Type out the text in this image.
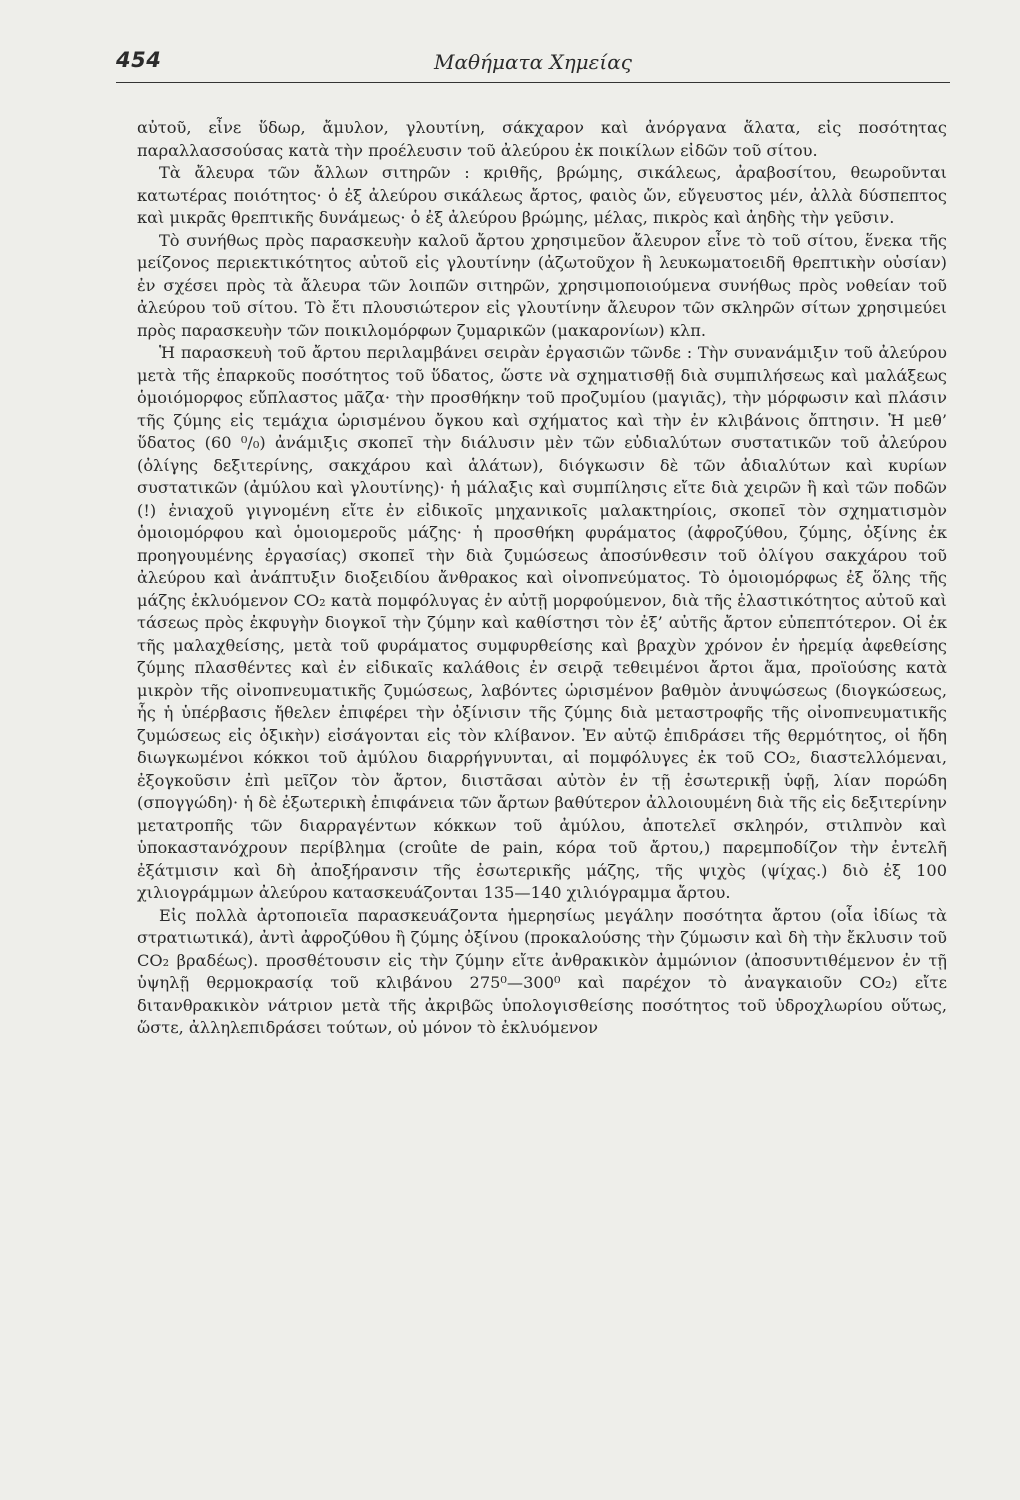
454	Μαθήματα Χημείας

αὐτοῦ, εἶνε ὕδωρ, ἄμυλον, γλουτίνη, σάκχαρον καὶ ἀνόργανα ἅλατα, εἰς ποσότητας παραλλασσούσας κατὰ τὴν προέλευσιν τοῦ ἀλεύρου ἐκ ποικίλων εἰδῶν τοῦ σίτου.

Τὰ ἄλευρα τῶν ἄλλων σιτηρῶν : κριθῆς, βρώμης, σικάλεως, ἀραβοσίτου, θεωροῦνται κατωτέρας ποιότητος· ὁ ἐξ ἀλεύρου σικάλεως ἄρτος, φαιὸς ὤν, εὔγευστος μέν, ἀλλὰ δύσπεπτος καὶ μικρᾶς θρεπτικῆς δυνάμεως· ὁ ἐξ ἀλεύρου βρώμης, μέλας, πικρὸς καὶ ἀηδὴς τὴν γεῦσιν.

Τὸ συνήθως πρὸς παρασκευὴν καλοῦ ἄρτου χρησιμεῦον ἄλευρον εἶνε τὸ τοῦ σίτου, ἕνεκα τῆς μείζονος περιεκτικότητος αὐτοῦ εἰς γλουτίνην (ἀζωτοῦχον ἢ λευκωματοειδῆ θρεπτικὴν οὐσίαν) ἐν σχέσει πρὸς τὰ ἄλευρα τῶν λοιπῶν σιτηρῶν, χρησιμοποιούμενα συνήθως πρὸς νοθείαν τοῦ ἀλεύρου τοῦ σίτου. Τὸ ἔτι πλουσιώτερον εἰς γλουτίνην ἄλευρον τῶν σκληρῶν σίτων χρησιμεύει πρὸς παρασκευὴν τῶν ποικιλομόρφων ζυμαρικῶν (μακαρονίων) κλπ.

Ἡ παρασκευὴ τοῦ ἄρτου περιλαμβάνει σειρὰν ἐργασιῶν τῶνδε : Τὴν συνανάμιξιν τοῦ ἀλεύρου μετὰ τῆς ἐπαρκοῦς ποσότητος τοῦ ὕδατος, ὥστε νὰ σχηματισθῇ διὰ συμπιλήσεως καὶ μαλάξεως ὁμοιόμορφος εὔπλαστος μᾶζα· τὴν προσθήκην τοῦ προζυμίου (μαγιᾶς), τὴν μόρφωσιν καὶ πλάσιν τῆς ζύμης εἰς τεμάχια ὡρισμένου ὄγκου καὶ σχήματος καὶ τὴν ἐν κλιβάνοις ὄπτησιν. Ἡ μεθ’ ὕδατος (60 ⁰/₀) ἀνάμιξις σκοπεῖ τὴν διάλυσιν μὲν τῶν εὐδιαλύτων συστατικῶν τοῦ ἀλεύρου (ὀλίγης δεξιτερίνης, σακχάρου καὶ ἁλάτων), διόγκωσιν δὲ τῶν ἀδιαλύτων καὶ κυρίων συστατικῶν (ἀμύλου καὶ γλουτίνης)· ἡ μάλαξις καὶ συμπίλησις εἴτε διὰ χειρῶν ἢ καὶ τῶν ποδῶν (!) ἐνιαχοῦ γιγνομένη εἴτε ἐν εἰδικοῖς μηχανικοῖς μαλακτηρίοις, σκοπεῖ τὸν σχηματισμὸν ὁμοιομόρφου καὶ ὁμοιομεροῦς μάζης· ἡ προσθήκη φυράματος (ἀφροζύθου, ζύμης, ὀξίνης ἐκ προηγουμένης ἐργασίας) σκοπεῖ τὴν διὰ ζυμώσεως ἀποσύνθεσιν τοῦ ὀλίγου σακχάρου τοῦ ἀλεύρου καὶ ἀνάπτυξιν διοξειδίου ἄνθρακος καὶ οἰνοπνεύματος. Τὸ ὁμοιομόρφως ἐξ ὅλης τῆς μάζης ἐκλυόμενον CO₂ κατὰ πομφόλυγας ἐν αὐτῇ μορφούμενον, διὰ τῆς ἐλαστικότητος αὐτοῦ καὶ τάσεως πρὸς ἐκφυγὴν διογκοῖ τὴν ζύμην καὶ καθίστησι τὸν ἐξ’ αὐτῆς ἄρτον εὐπεπτότερον. Οἱ ἐκ τῆς μαλαχθείσης, μετὰ τοῦ φυράματος συμφυρθείσης καὶ βραχὺν χρόνον ἐν ἠρεμίᾳ ἀφεθείσης ζύμης πλασθέντες καὶ ἐν εἰδικαῖς καλάθοις ἐν σειρᾷ τεθειμένοι ἄρτοι ἅμα, προϊούσης κατὰ μικρὸν τῆς οἰνοπνευματικῆς ζυμώσεως, λαβόντες ὡρισμένον βαθμὸν ἀνυψώσεως (διογκώσεως, ἧς ἡ ὑπέρβασις ἤθελεν ἐπιφέρει τὴν ὀξίνισιν τῆς ζύμης διὰ μεταστροφῆς τῆς οἰνοπνευματικῆς ζυμώσεως εἰς ὀξικὴν) εἰσάγονται εἰς τὸν κλίβανον. Ἐν αὐτῷ ἐπιδράσει τῆς θερμότητος, οἱ ἤδη διωγκωμένοι κόκκοι τοῦ ἀμύλου διαρρήγνυνται, αἱ πομφόλυγες ἐκ τοῦ CO₂, διαστελλόμεναι, ἐξογκοῦσιν ἐπὶ μεῖζον τὸν ἄρτον, διιστᾶσαι αὐτὸν ἐν τῇ ἐσωτερικῇ ὑφῇ, λίαν πορώδη (σπογγώδη)· ἡ δὲ ἐξωτερικὴ ἐπιφάνεια τῶν ἄρτων βαθύτερον ἀλλοιουμένη διὰ τῆς εἰς δεξιτερίνην μετατροπῆς τῶν διαρραγέντων κόκκων τοῦ ἀμύλου, ἀποτελεῖ σκληρόν, στιλπνὸν καὶ ὑποκαστανόχρουν περίβλημα (croûte de pain, κόρα τοῦ ἄρτου,) παρεμποδίζον τὴν ἐντελῆ ἐξάτμισιν καὶ δὴ ἀποξήρανσιν τῆς ἐσωτερικῆς μάζης, τῆς ψιχὸς (ψίχας.) διὸ ἐξ 100 χιλιογράμμων ἀλεύρου κατασκευάζονται 135—140 χιλιόγραμμα ἄρτου.

Εἰς πολλὰ ἀρτοποιεῖα παρασκευάζοντα ἡμερησίως μεγάλην ποσότητα ἄρτου (οἷα ἰδίως τὰ στρατιωτικά), ἀντὶ ἀφροζύθου ἢ ζύμης ὀξίνου (προκαλούσης τὴν ζύμωσιν καὶ δὴ τὴν ἔκλυσιν τοῦ CO₂ βραδέως). προσθέτουσιν εἰς τὴν ζύμην εἴτε ἀνθρακικὸν ἀμμώνιον (ἀποσυντιθέμενον ἐν τῇ ὑψηλῇ θερμοκρασίᾳ τοῦ κλιβάνου 275⁰—300⁰ καὶ παρέχον τὸ ἀναγκαιοῦν CO₂) εἴτε διτανθρακικὸν νάτριον μετὰ τῆς ἀκριβῶς ὑπολογισθείσης ποσότητος τοῦ ὑδροχλωρίου οὕτως, ὥστε, ἀλληλεπιδράσει τούτων, οὐ μόνον τὸ ἐκλυόμενον
